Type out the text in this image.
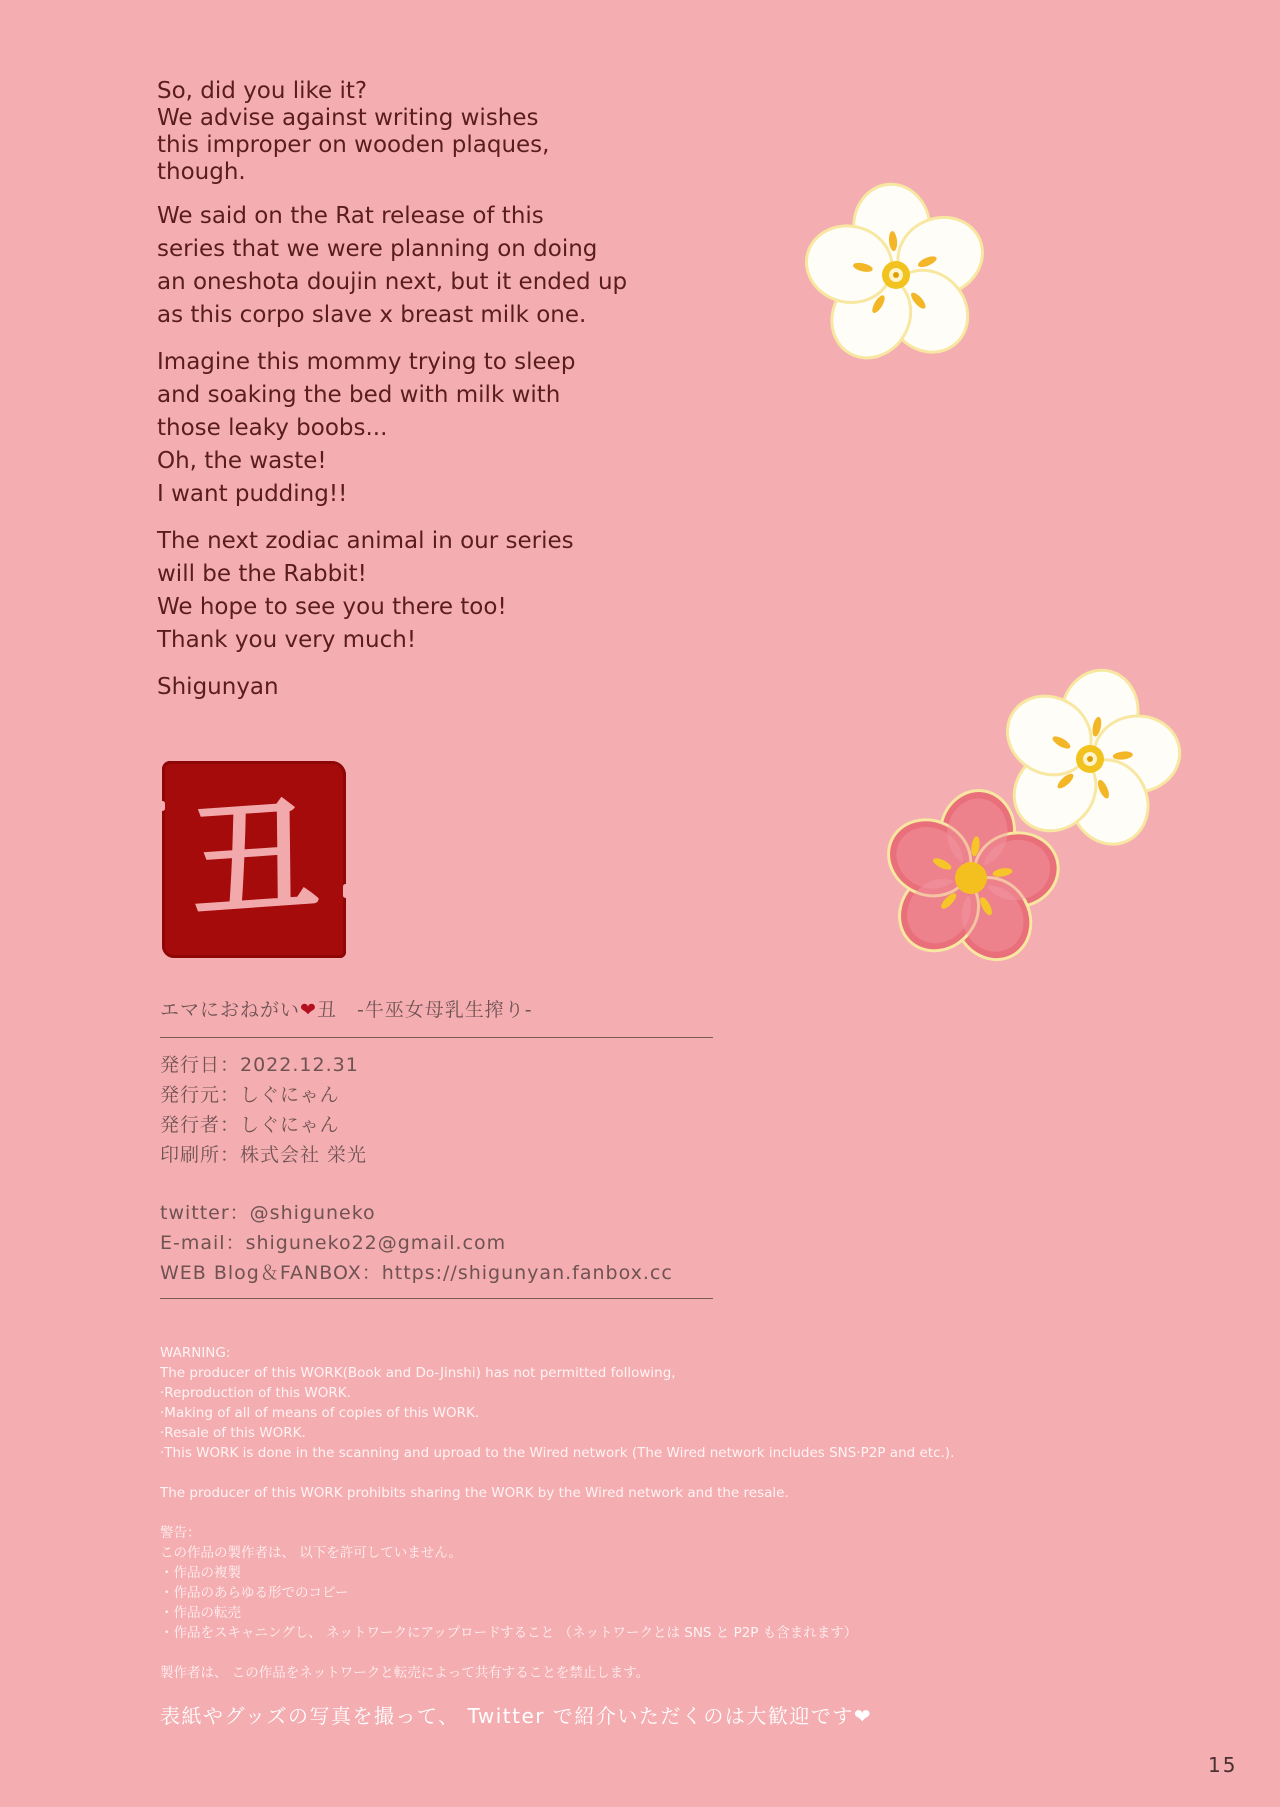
So, did you like it?
We advise against writing wishes
this improper on wooden plaques,
though.
We said on the Rat release of this
series that we were planning on doing
an oneshota doujin next, but it ended up
as this corpo slave x breast milk one.
Imagine this mommy trying to sleep
and soaking the bed with milk with
those leaky boobs...
Oh, the waste!
I want pudding!!
The next zodiac animal in our series
will be the Rabbit!
We hope to see you there too!
Thank you very much!
Shigunyan
丑
エマにおねがい❤丑　-牛巫女母乳生搾り-
発行日：2022.12.31
発行元：しぐにゃん
発行者：しぐにゃん
印刷所：株式会社 栄光
twitter：@shiguneko
E-mail：shiguneko22@gmail.com
WEB Blog＆FANBOX：https://shigunyan.fanbox.cc
WARNING:
The producer of this WORK(Book and Do-Jinshi) has not permitted following,
·Reproduction of this WORK.
·Making of all of means of copies of this WORK.
·Resale of this WORK.
·This WORK is done in the scanning and uproad to the Wired network (The Wired network includes SNS·P2P and etc.).
The producer of this WORK prohibits sharing the WORK by the Wired network and the resale.
警告：
この作品の製作者は、 以下を許可していません。
・作品の複製
・作品のあらゆる形でのコピー
・作品の転売
・作品をスキャニングし、 ネットワークにアップロードすること （ネットワークとは SNS と P2P も含まれます）
製作者は、 この作品をネットワークと転売によって共有することを禁止します。
表紙やグッズの写真を撮って、 Twitter で紹介いただくのは大歓迎です❤
15
